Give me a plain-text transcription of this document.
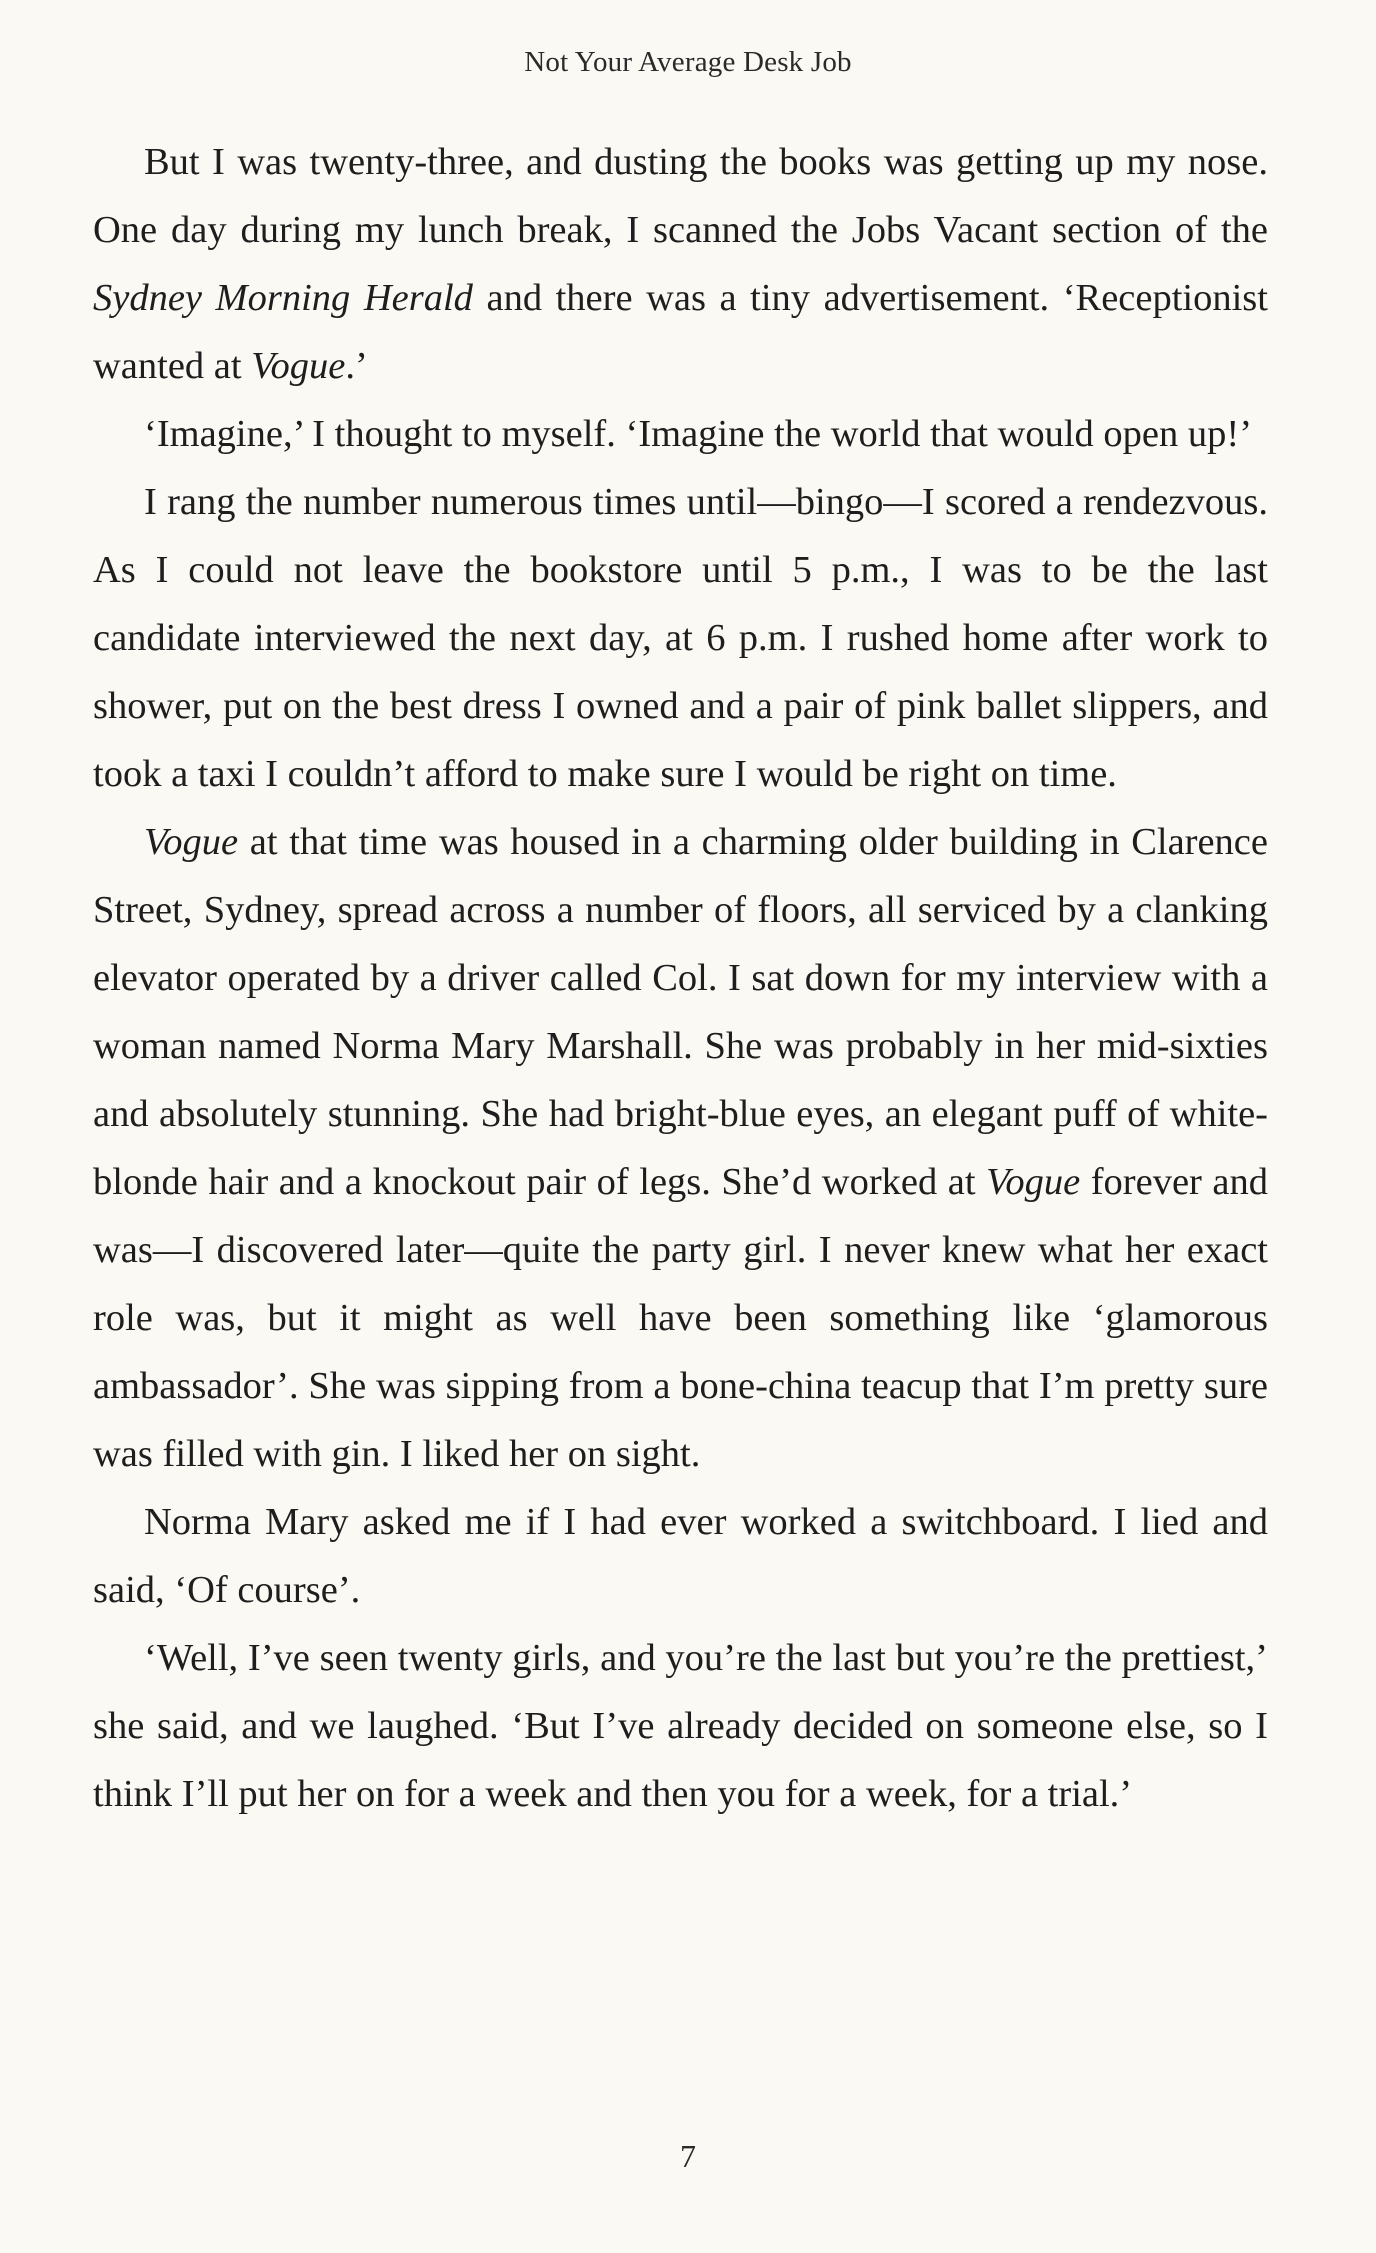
Not Your Average Desk Job

But I was twenty-three, and dusting the books was getting up my nose. One day during my lunch break, I scanned the Jobs Vacant section of the Sydney Morning Herald and there was a tiny advertisement. ‘Receptionist wanted at Vogue.’

‘Imagine,’ I thought to myself. ‘Imagine the world that would open up!’

I rang the number numerous times until—bingo—I scored a rendezvous. As I could not leave the bookstore until 5 p.m., I was to be the last candidate interviewed the next day, at 6 p.m. I rushed home after work to shower, put on the best dress I owned and a pair of pink ballet slippers, and took a taxi I couldn’t afford to make sure I would be right on time.

Vogue at that time was housed in a charming older building in Clarence Street, Sydney, spread across a number of floors, all serviced by a clanking elevator operated by a driver called Col. I sat down for my interview with a woman named Norma Mary Marshall. She was probably in her mid-sixties and absolutely stunning. She had bright-blue eyes, an elegant puff of white-blonde hair and a knockout pair of legs. She’d worked at Vogue forever and was—I discovered later—quite the party girl. I never knew what her exact role was, but it might as well have been something like ‘glamorous ambassador’. She was sipping from a bone-china teacup that I’m pretty sure was filled with gin. I liked her on sight.

Norma Mary asked me if I had ever worked a switchboard. I lied and said, ‘Of course’.

‘Well, I’ve seen twenty girls, and you’re the last but you’re the prettiest,’ she said, and we laughed. ‘But I’ve already decided on someone else, so I think I’ll put her on for a week and then you for a week, for a trial.’

7
